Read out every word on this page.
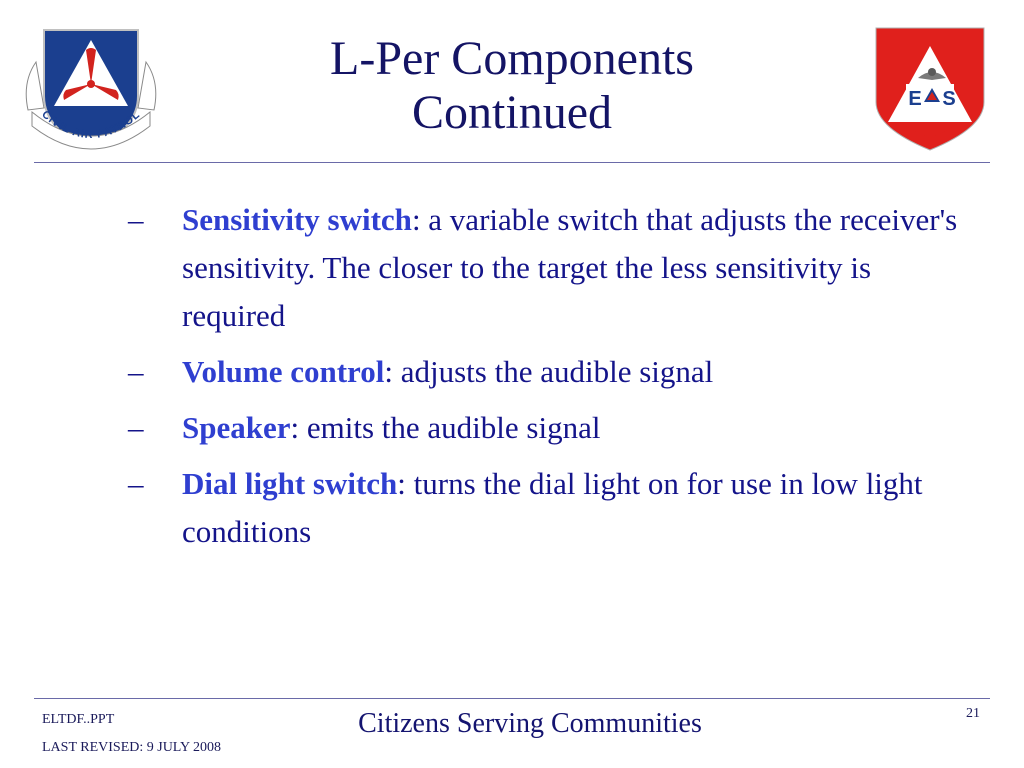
CIVIL AIR PATROL
L-Per Components
Continued	E S
– Sensitivity switch: a variable switch that adjusts the receiver's sensitivity. The closer to the target the less sensitivity is required
– Volume control: adjusts the audible signal
– Speaker: emits the audible signal
– Dial light switch: turns the dial light on for use in low light conditions
ELTDF..PPT
LAST REVISED: 9 JULY 2008
Citizens Serving Communities	21
